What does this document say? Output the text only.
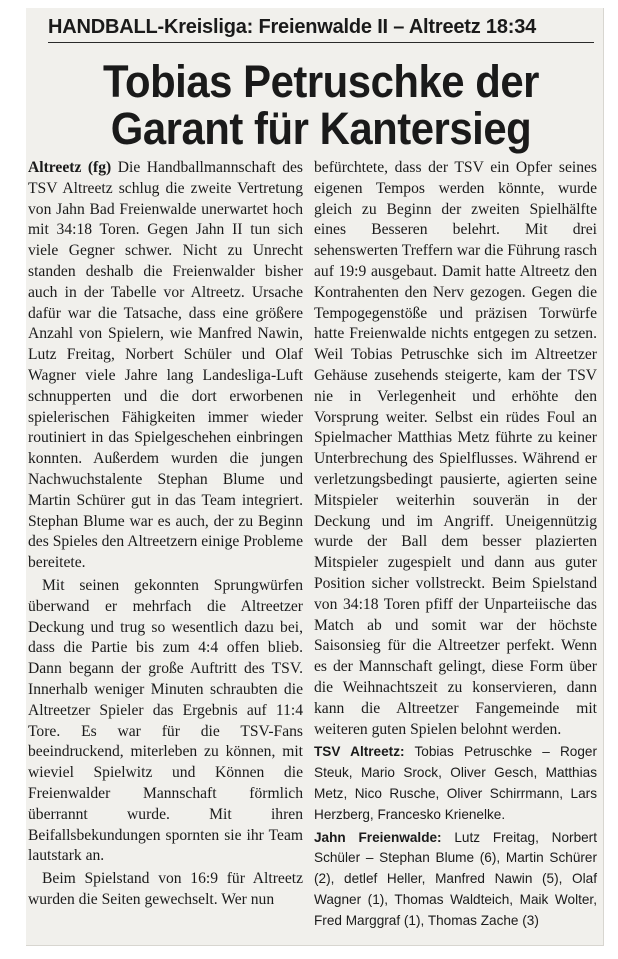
HANDBALL-Kreisliga: Freienwalde II – Altreetz 18:34
Tobias Petruschke der
Garant für Kantersieg

Altreetz (fg) Die Handballmannschaft des TSV Altreetz schlug die zweite Vertretung von Jahn Bad Freienwalde unerwartet hoch mit 34:18 Toren. Gegen Jahn II tun sich viele Gegner schwer. Nicht zu Unrecht standen deshalb die Freienwalder bisher auch in der Tabelle vor Altreetz. Ursache dafür war die Tatsache, dass eine größere Anzahl von Spielern, wie Manfred Nawin, Lutz Freitag, Norbert Schüler und Olaf Wagner viele Jahre lang Landesliga-Luft schnupperten und die dort erworbenen spielerischen Fähigkeiten immer wieder routiniert in das Spielgeschehen einbringen konnten. Außerdem wurden die jungen Nachwuchstalente Stephan Blume und Martin Schürer gut in das Team integriert. Stephan Blume war es auch, der zu Beginn des Spieles den Altreetzern einige Probleme bereitete.

Mit seinen gekonnten Sprungwürfen überwand er mehrfach die Altreetzer Deckung und trug so wesentlich dazu bei, dass die Partie bis zum 4:4 offen blieb. Dann begann der große Auftritt des TSV. Innerhalb weniger Minuten schraubten die Altreetzer Spieler das Ergebnis auf 11:4 Tore. Es war für die TSV-Fans beeindruckend, miterleben zu können, mit wieviel Spielwitz und Können die Freienwalder Mannschaft förmlich überrannt wurde. Mit ihren Beifallsbekundungen spornten sie ihr Team lautstark an.

Beim Spielstand von 16:9 für Altreetz wurden die Seiten gewechselt. Wer nun

befürchtete, dass der TSV ein Opfer seines eigenen Tempos werden könnte, wurde gleich zu Beginn der zweiten Spielhälfte eines Besseren belehrt. Mit drei sehenswerten Treffern war die Führung rasch auf 19:9 ausgebaut. Damit hatte Altreetz den Kontrahenten den Nerv gezogen. Gegen die Tempogegenstöße und präzisen Torwürfe hatte Freienwalde nichts entgegen zu setzen. Weil Tobias Petruschke sich im Altreetzer Gehäuse zusehends steigerte, kam der TSV nie in Verlegenheit und erhöhte den Vorsprung weiter. Selbst ein rüdes Foul an Spielmacher Matthias Metz führte zu keiner Unterbrechung des Spielflusses. Während er verletzungsbedingt pausierte, agierten seine Mitspieler weiterhin souverän in der Deckung und im Angriff. Uneigennützig wurde der Ball dem besser plazierten Mitspieler zugespielt und dann aus guter Position sicher vollstreckt. Beim Spielstand von 34:18 Toren pfiff der Unparteiische das Match ab und somit war der höchste Saisonsieg für die Altreetzer perfekt. Wenn es der Mannschaft gelingt, diese Form über die Weihnachtszeit zu konservieren, dann kann die Altreetzer Fangemeinde mit weiteren guten Spielen belohnt werden.

TSV Altreetz: Tobias Petruschke – Roger Steuk, Mario Srock, Oliver Gesch, Matthias Metz, Nico Rusche, Oliver Schirrmann, Lars Herzberg, Francesko Krienelke.

Jahn Freienwalde: Lutz Freitag, Norbert Schüler – Stephan Blume (6), Martin Schürer (2), detlef Heller, Manfred Nawin (5), Olaf Wagner (1), Thomas Waldteich, Maik Wolter, Fred Marggraf (1), Thomas Zache (3)
